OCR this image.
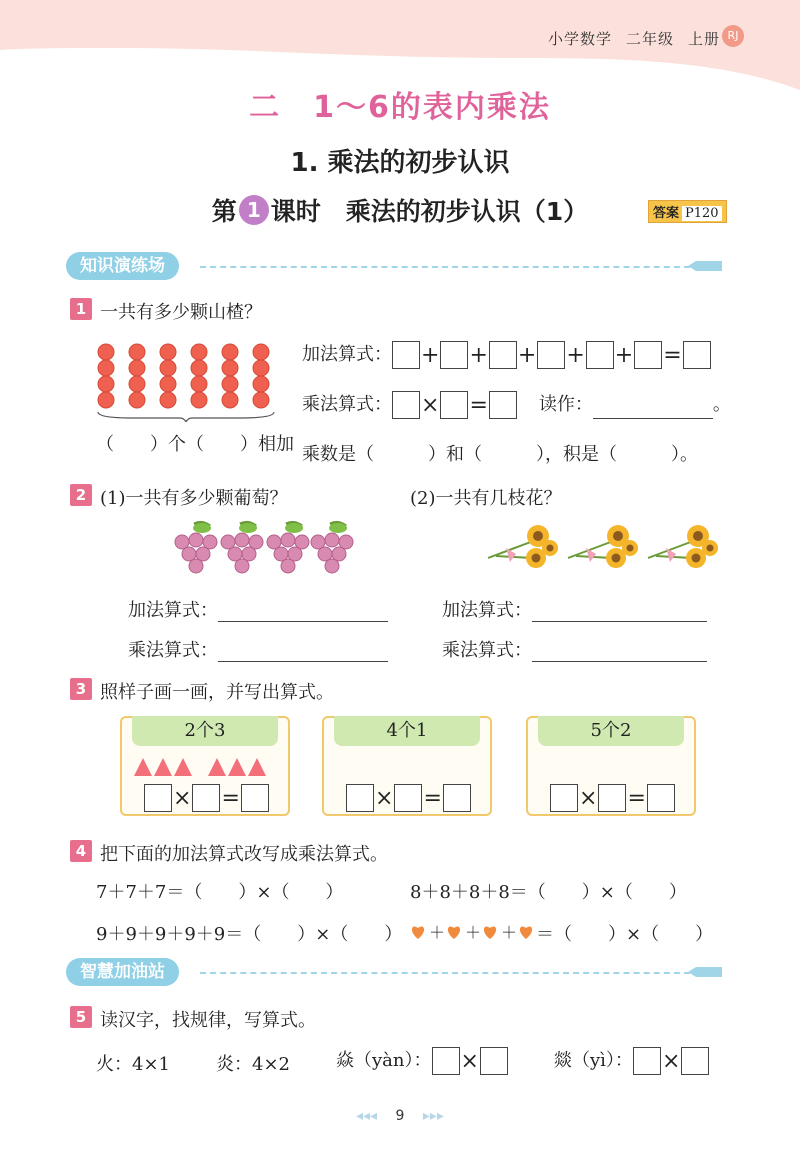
小学数学 二年级 上册 RJ
二　1～6的表内乘法
1. 乘法的初步认识
第 1 课时　乘法的初步认识（1）	答案 P120
知识演练场
1 一共有多少颗山楂？
（　　）个（　　）相加
加法算式： + + + + + =
乘法算式： × =	读作：	。
乘数是（　　　）和（　　　），积是（　　　）。
2 (1)一共有多少颗葡萄？	(2)一共有几枝花？
加法算式：
乘法算式：
加法算式：
乘法算式：
3 照样子画一画，并写出算式。
2个3
× =
4个1
× =
5个2
× =
4 把下面的加法算式改写成乘法算式。
7＋7＋7＝（　　）×（　　）	8＋8＋8＋8＝（　　）×（　　）
9＋9＋9＋9＋9＝（　　）×（　　） ＋ ＋ ＋ ＝（　　）×（　　）
智慧加油站
5 读汉字，找规律，写算式。
火：4×1	炎：4×2	焱（yàn）： ×	燚（yì）： ×
◂◂◂ 9 ▸▸▸
